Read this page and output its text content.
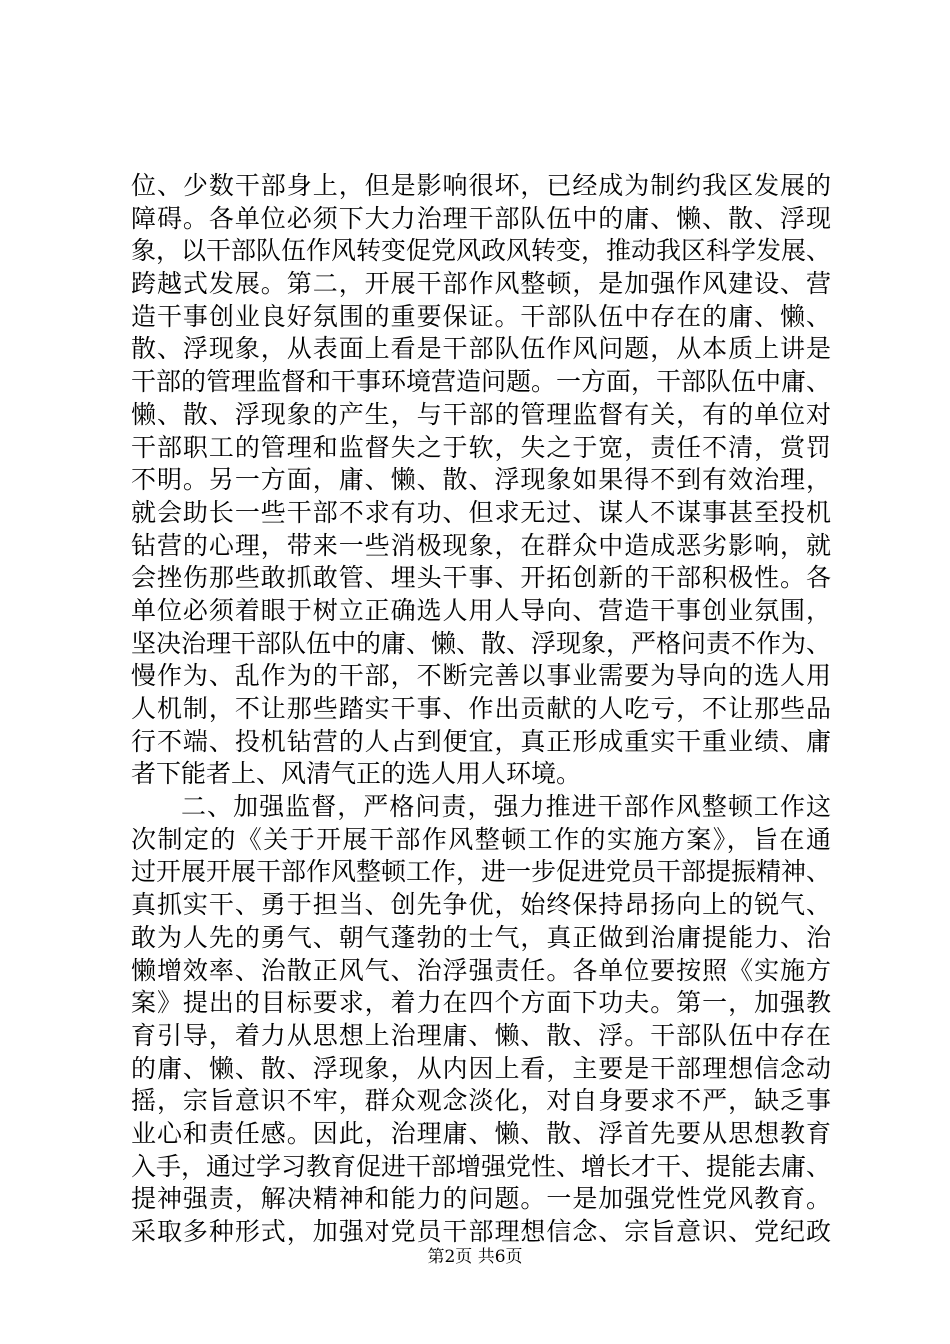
位、少数干部身上，但是影响很坏，已经成为制约我区发展的
障碍。各单位必须下大力治理干部队伍中的庸、懒、散、浮现
象，以干部队伍作风转变促党风政风转变，推动我区科学发展、
跨越式发展。第二，开展干部作风整顿，是加强作风建设、营
造干事创业良好氛围的重要保证。干部队伍中存在的庸、懒、
散、浮现象，从表面上看是干部队伍作风问题，从本质上讲是
干部的管理监督和干事环境营造问题。一方面，干部队伍中庸、
懒、散、浮现象的产生，与干部的管理监督有关，有的单位对
干部职工的管理和监督失之于软，失之于宽，责任不清，赏罚
不明。另一方面，庸、懒、散、浮现象如果得不到有效治理，
就会助长一些干部不求有功、但求无过、谋人不谋事甚至投机
钻营的心理，带来一些消极现象，在群众中造成恶劣影响，就
会挫伤那些敢抓敢管、埋头干事、开拓创新的干部积极性。各
单位必须着眼于树立正确选人用人导向、营造干事创业氛围，
坚决治理干部队伍中的庸、懒、散、浮现象，严格问责不作为、
慢作为、乱作为的干部，不断完善以事业需要为导向的选人用
人机制，不让那些踏实干事、作出贡献的人吃亏，不让那些品
行不端、投机钻营的人占到便宜，真正形成重实干重业绩、庸
者下能者上、风清气正的选人用人环境。
二、加强监督，严格问责，强力推进干部作风整顿工作这
次制定的《关于开展干部作风整顿工作的实施方案》，旨在通
过开展开展干部作风整顿工作，进一步促进党员干部提振精神、
真抓实干、勇于担当、创先争优，始终保持昂扬向上的锐气、
敢为人先的勇气、朝气蓬勃的士气，真正做到治庸提能力、治
懒增效率、治散正风气、治浮强责任。各单位要按照《实施方
案》提出的目标要求，着力在四个方面下功夫。第一，加强教
育引导，着力从思想上治理庸、懒、散、浮。干部队伍中存在
的庸、懒、散、浮现象，从内因上看，主要是干部理想信念动
摇，宗旨意识不牢，群众观念淡化，对自身要求不严，缺乏事
业心和责任感。因此，治理庸、懒、散、浮首先要从思想教育
入手，通过学习教育促进干部增强党性、增长才干、提能去庸、
提神强责，解决精神和能力的问题。一是加强党性党风教育。
采取多种形式，加强对党员干部理想信念、宗旨意识、党纪政
第2页 共6页
